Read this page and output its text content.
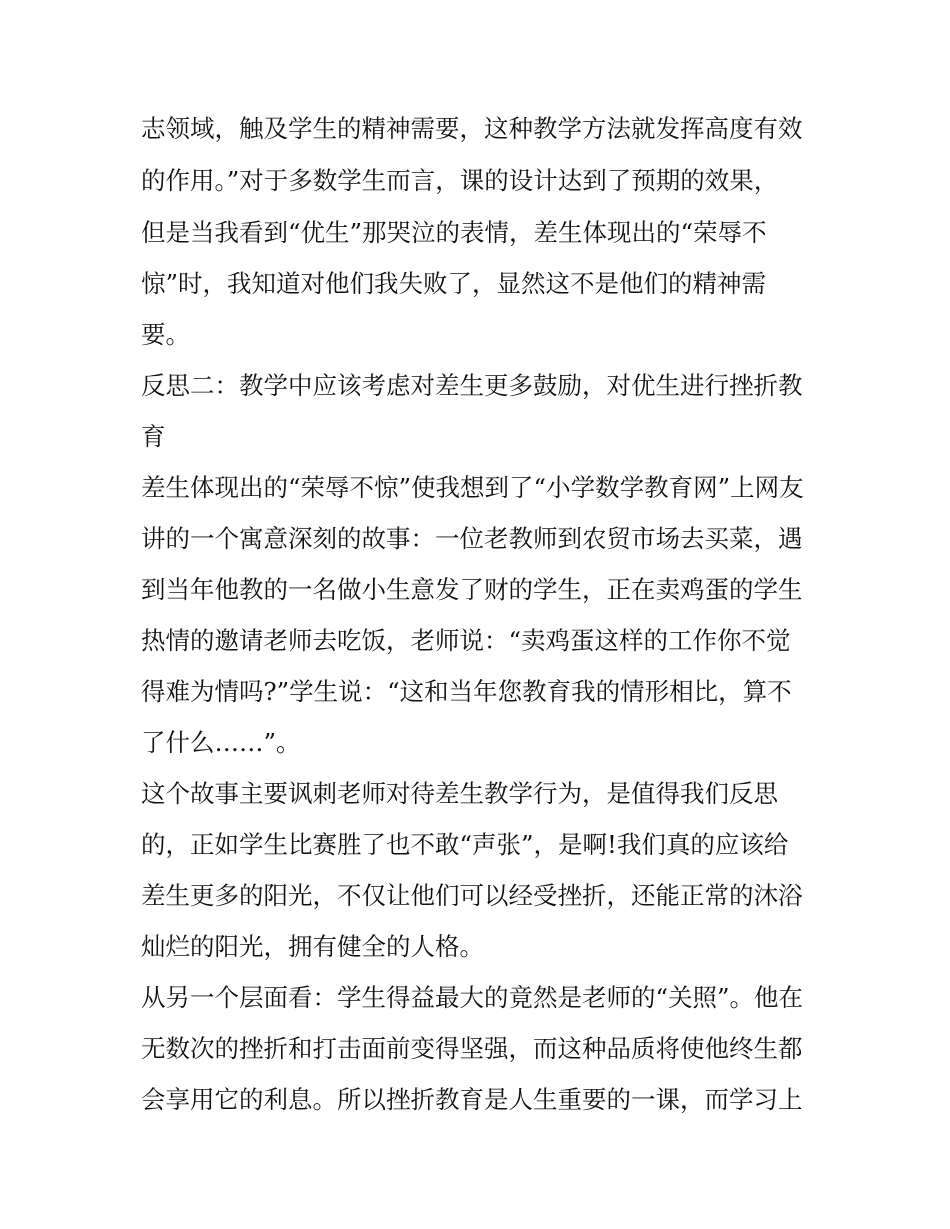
志领域，触及学生的精神需要，这种教学方法就发挥高度有效

的作用。”对于多数学生而言，课的设计达到了预期的效果，

但是当我看到“优生”那哭泣的表情，差生体现出的“荣辱不

惊”时，我知道对他们我失败了，显然这不是他们的精神需

要。

反思二：教学中应该考虑对差生更多鼓励，对优生进行挫折教

育

差生体现出的“荣辱不惊”使我想到了“小学数学教育网”上网友

讲的一个寓意深刻的故事：一位老教师到农贸市场去买菜，遇

到当年他教的一名做小生意发了财的学生，正在卖鸡蛋的学生

热情的邀请老师去吃饭，老师说：“卖鸡蛋这样的工作你不觉

得难为情吗?”学生说：“这和当年您教育我的情形相比，算不

了什么……”。

这个故事主要讽刺老师对待差生教学行为，是值得我们反思

的，正如学生比赛胜了也不敢“声张”，是啊!我们真的应该给

差生更多的阳光，不仅让他们可以经受挫折，还能正常的沐浴

灿烂的阳光，拥有健全的人格。

从另一个层面看：学生得益最大的竟然是老师的“关照”。他在

无数次的挫折和打击面前变得坚强，而这种品质将使他终生都

会享用它的利息。所以挫折教育是人生重要的一课，而学习上
